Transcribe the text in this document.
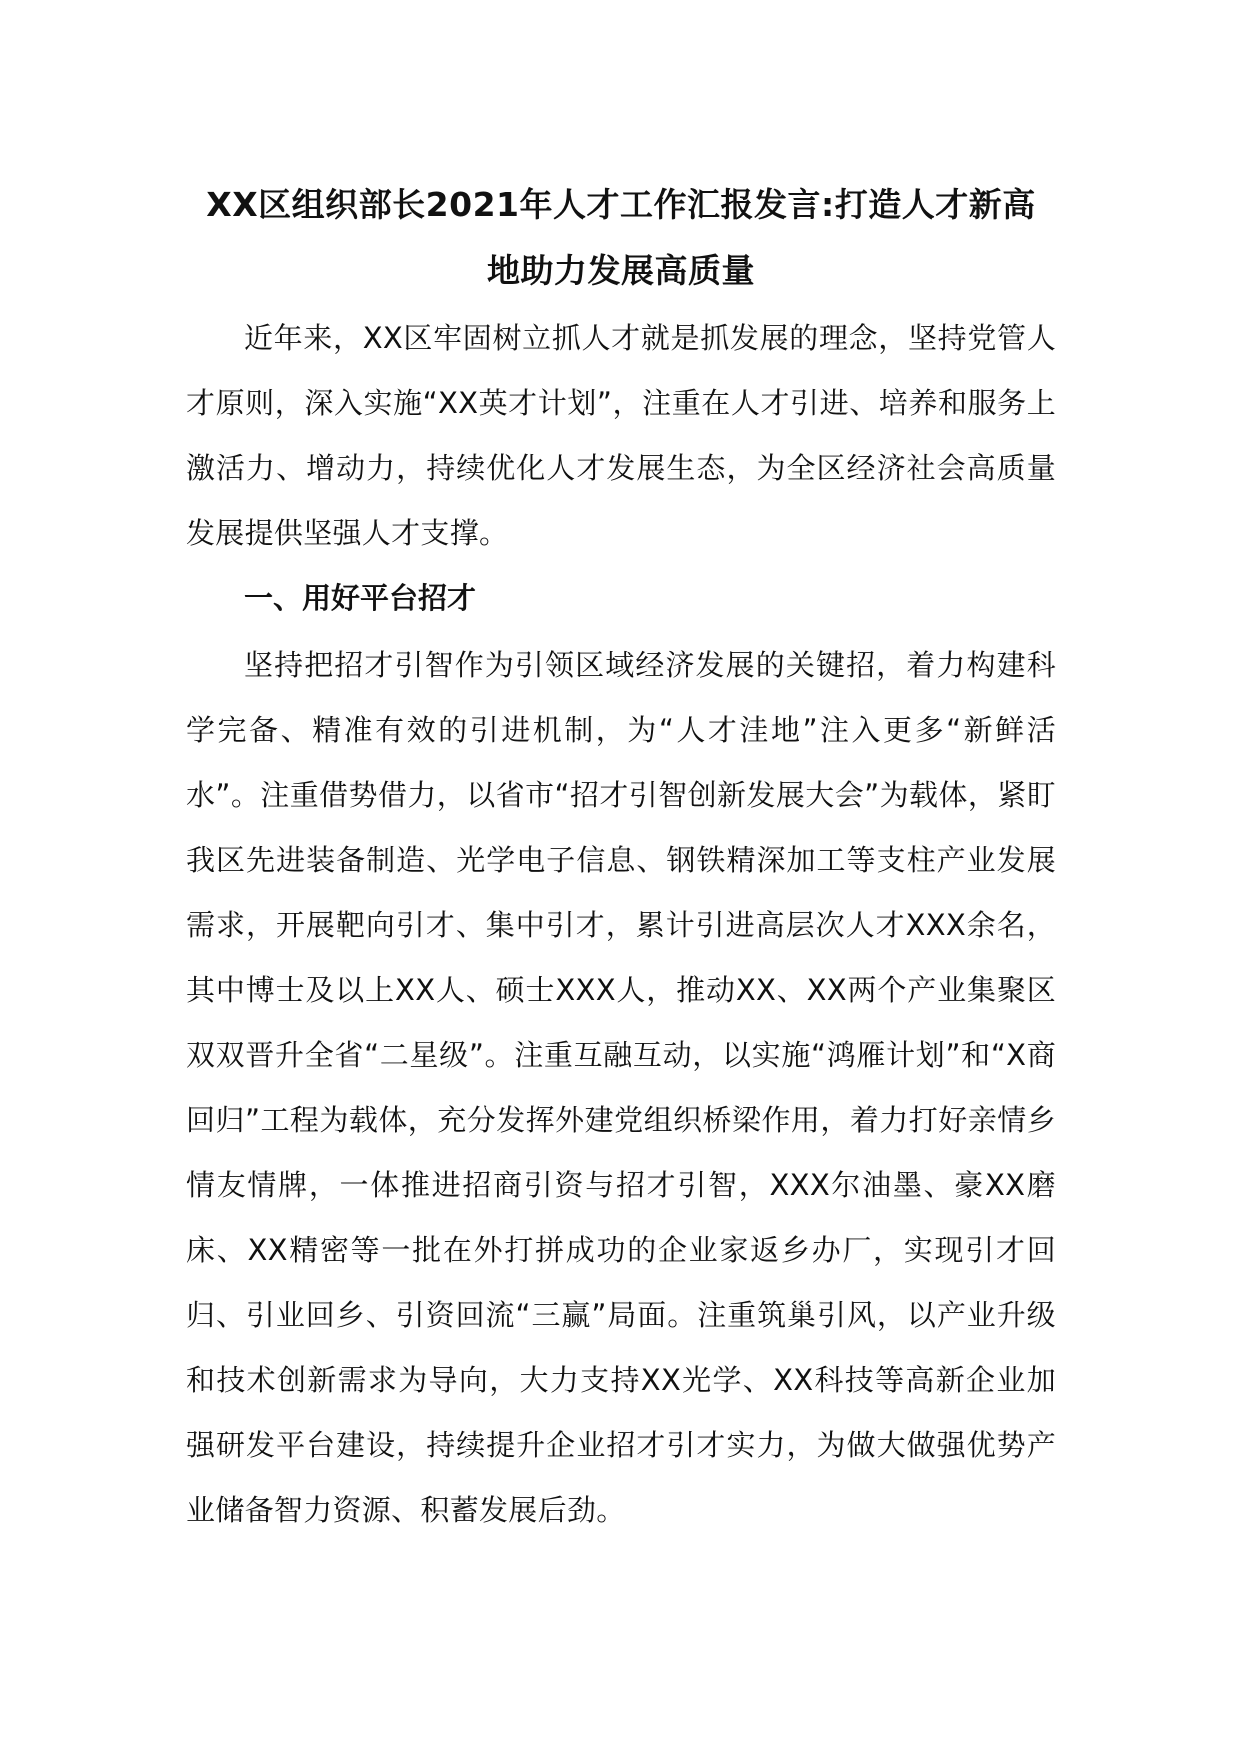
XX区组织部长2021年人才工作汇报发言:打造人才新高
地助力发展高质量

近年来，XX区牢固树立抓人才就是抓发展的理念，坚持党管人才原则，深入实施“XX英才计划”，注重在人才引进、培养和服务上激活力、增动力，持续优化人才发展生态，为全区经济社会高质量发展提供坚强人才支撑。

一、用好平台招才

坚持把招才引智作为引领区域经济发展的关键招，着力构建科学完备、精准有效的引进机制，为“人才洼地”注入更多“新鲜活水”。注重借势借力，以省市“招才引智创新发展大会”为载体，紧盯我区先进装备制造、光学电子信息、钢铁精深加工等支柱产业发展需求，开展靶向引才、集中引才，累计引进高层次人才XXX余名，其中博士及以上XX人、硕士XXX人，推动XX、XX两个产业集聚区双双晋升全省“二星级”。注重互融互动，以实施“鸿雁计划”和“X商回归”工程为载体，充分发挥外建党组织桥梁作用，着力打好亲情乡情友情牌，一体推进招商引资与招才引智，XXX尔油墨、豪XX磨床、XX精密等一批在外打拼成功的企业家返乡办厂，实现引才回归、引业回乡、引资回流“三赢”局面。注重筑巢引风，以产业升级和技术创新需求为导向，大力支持XX光学、XX科技等高新企业加强研发平台建设，持续提升企业招才引才实力，为做大做强优势产业储备智力资源、积蓄发展后劲。
